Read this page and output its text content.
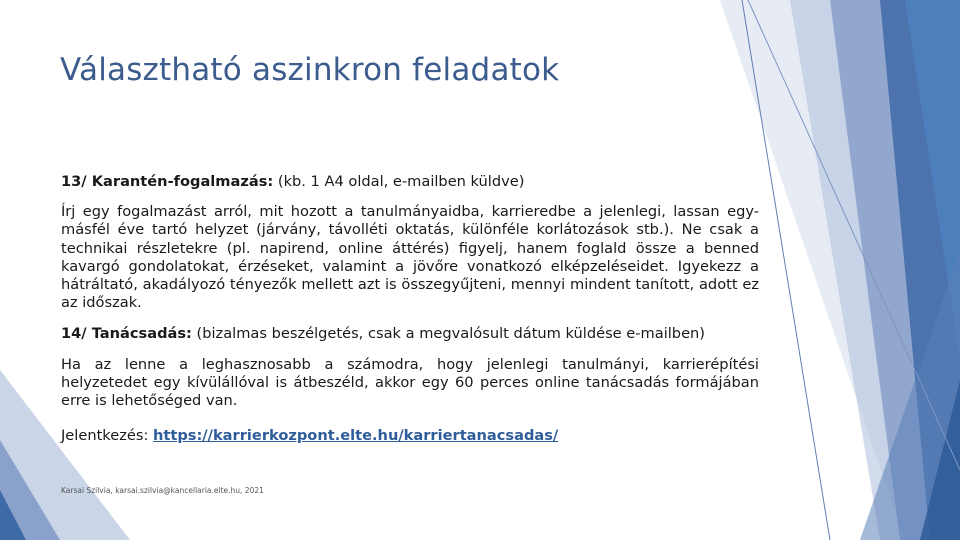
Választható aszinkron feladatok

13/ Karantén-fogalmazás: (kb. 1 A4 oldal, e-mailben küldve)

Írj egy fogalmazást arról, mit hozott a tanulmányaidba, karrieredbe a jelenlegi, lassan egy-másfél éve tartó helyzet (járvány, távolléti oktatás, különféle korlátozások stb.). Ne csak a technikai részletekre (pl. napirend, online áttérés) figyelj, hanem foglald össze a benned kavargó gondolatokat, érzéseket, valamint a jövőre vonatkozó elképzeléseidet. Igyekezz a hátráltató, akadályozó tényezők mellett azt is összegyűjteni, mennyi mindent tanított, adott ez az időszak.

14/ Tanácsadás: (bizalmas beszélgetés, csak a megvalósult dátum küldése e-mailben)

Ha az lenne a leghasznosabb a számodra, hogy jelenlegi tanulmányi, karrierépítési helyzetedet egy kívülállóval is átbeszéld, akkor egy 60 perces online tanácsadás formájában erre is lehetőséged van.

Jelentkezés: https://karrierkozpont.elte.hu/karriertanacsadas/

Karsai Szilvia, karsai.szilvia@kancellaria.elte.hu, 2021
